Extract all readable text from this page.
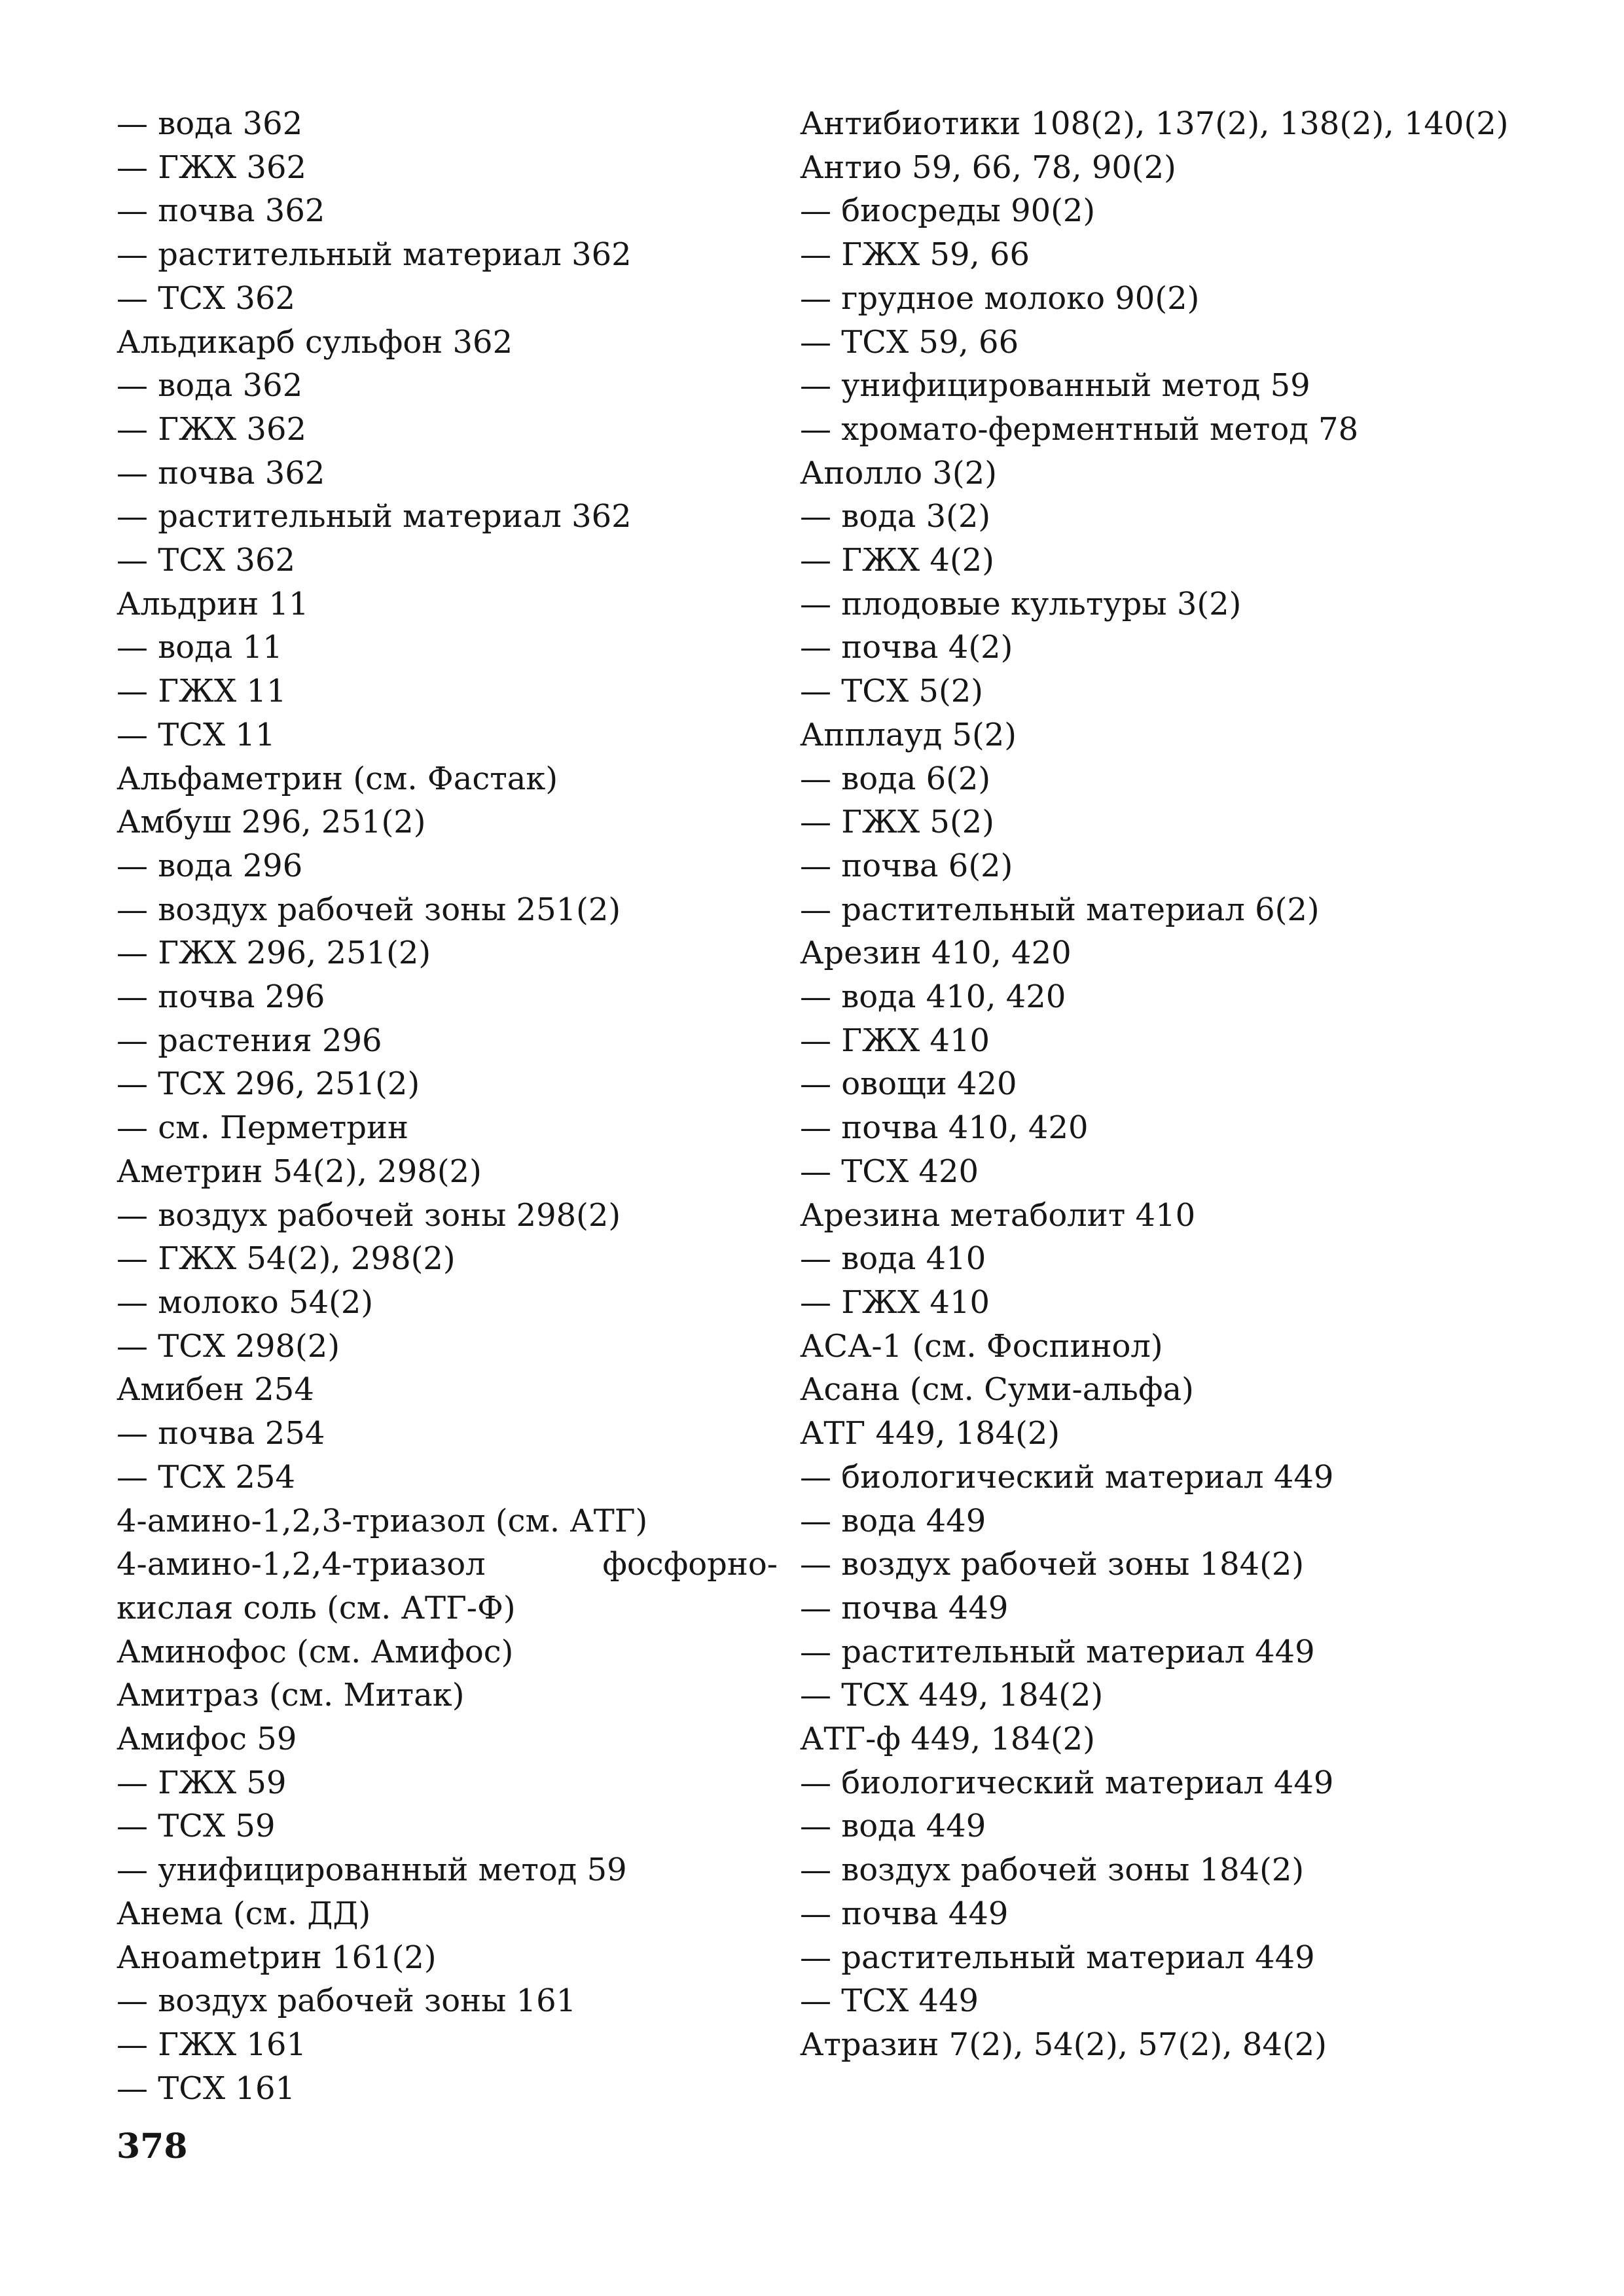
— вода 362

— ГЖХ 362

— почва 362

— растительный материал 362

— ТСХ 362

Альдикарб сульфон 362

— вода 362

— ГЖХ 362

— почва 362

— растительный материал 362

— ТСХ 362

Альдрин 11

— вода 11

— ГЖХ 11

— ТСХ 11

Альфаметрин (см. Фастак)

Амбуш 296, 251(2)

— вода 296

— воздух рабочей зоны 251(2)

— ГЖХ 296, 251(2)

— почва 296

— растения 296

— ТСХ 296, 251(2)

— см. Перметрин

Аметрин 54(2), 298(2)

— воздух рабочей зоны 298(2)

— ГЖХ 54(2), 298(2)

— молоко 54(2)

— ТСХ 298(2)

Амибен 254

— почва 254

— ТСХ 254

4-амино-1,2,3-триазол (см. АТГ)

4-амино-1,2,4-триазол фосфорно-кислая соль (см. АТГ-Ф)

Аминофос (см. Амифос)

Амитраз (см. Митак)

Амифос 59

— ГЖХ 59

— ТСХ 59

— унифицированный метод 59

Анема (см. ДД)

Аноametрин 161(2)

— воздух рабочей зоны 161

— ГЖХ 161

— ТСХ 161

Антибиотики 108(2), 137(2), 138(2), 140(2)

Антио 59, 66, 78, 90(2)

— биосреды 90(2)

— ГЖХ 59, 66

— грудное молоко 90(2)

— ТСХ 59, 66

— унифицированный метод 59

— хромато-ферментный метод 78

Аполло 3(2)

— вода 3(2)

— ГЖХ 4(2)

— плодовые культуры 3(2)

— почва 4(2)

— ТСХ 5(2)

Апплауд 5(2)

— вода 6(2)

— ГЖХ 5(2)

— почва 6(2)

— растительный материал 6(2)

Арезин 410, 420

— вода 410, 420

— ГЖХ 410

— овощи 420

— почва 410, 420

— ТСХ 420

Арезина метаболит 410

— вода 410

— ГЖХ 410

АСА-1 (см. Фоспинол)

Асана (см. Суми-альфа)

АТГ 449, 184(2)

— биологический материал 449

— вода 449

— воздух рабочей зоны 184(2)

— почва 449

— растительный материал 449

— ТСХ 449, 184(2)

АТГ-ф 449, 184(2)

— биологический материал 449

— вода 449

— воздух рабочей зоны 184(2)

— почва 449

— растительный материал 449

— ТСХ 449

Атразин 7(2), 54(2), 57(2), 84(2)

378
